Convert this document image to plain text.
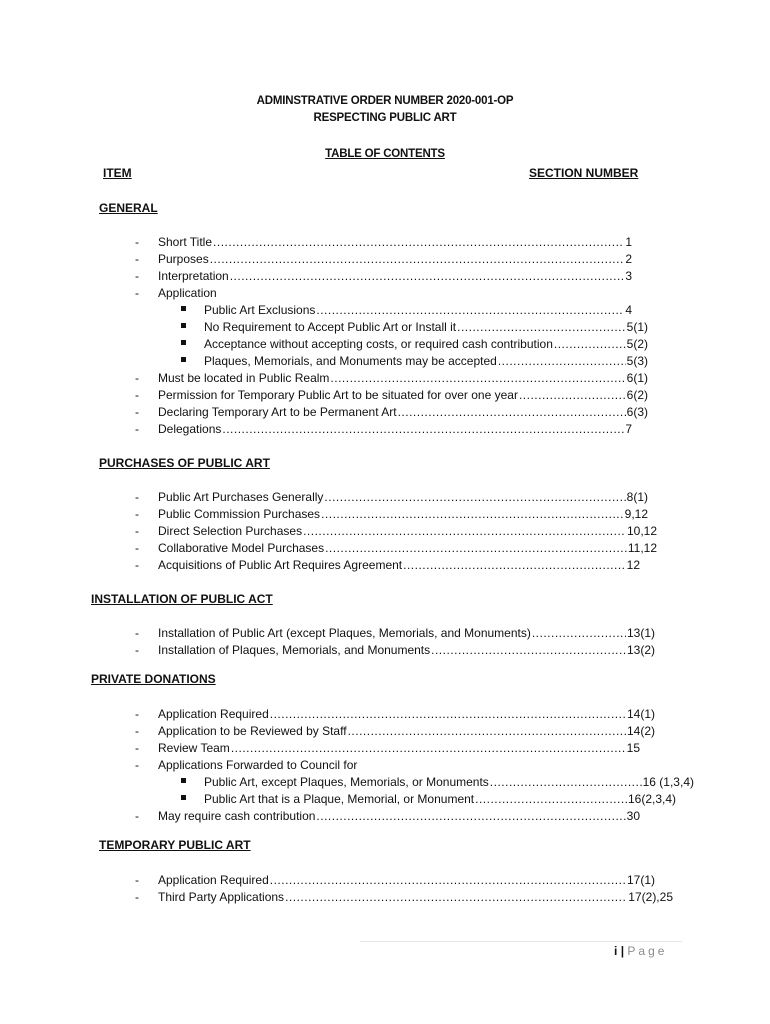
ADMINSTRATIVE ORDER NUMBER 2020-001-OP
RESPECTING PUBLIC ART
TABLE OF CONTENTS
ITEM	SECTION NUMBER
GENERAL
- Short Title .....	1
- Purposes .....	2
- Interpretation .....	3
- Application
Public Art Exclusions .....	4
No Requirement to Accept Public Art or Install it .....	5(1)
Acceptance without accepting costs, or required cash contribution .....	5(2)
Plaques, Memorials, and Monuments may be accepted .....	5(3)
- Must be located in Public Realm .....	6(1)
- Permission for Temporary Public Art to be situated for over one year .....	6(2)
- Declaring Temporary Art to be Permanent Art .....	6(3)
- Delegations .....	7
PURCHASES OF PUBLIC ART
- Public Art Purchases Generally .....	8(1)
- Public Commission Purchases .....	9,12
- Direct Selection Purchases .....	10,12
- Collaborative Model Purchases .....	11,12
- Acquisitions of Public Art Requires Agreement .....	12
INSTALLATION OF PUBLIC ACT
- Installation of Public Art (except Plaques, Memorials, and Monuments) .....	13(1)
- Installation of Plaques, Memorials, and Monuments .....	13(2)
PRIVATE DONATIONS
- Application Required .....	14(1)
- Application to be Reviewed by Staff .....	14(2)
- Review Team .....	15
- Applications Forwarded to Council for
Public Art, except Plaques, Memorials, or Monuments .....	16 (1,3,4)
Public Art that is a Plaque, Memorial, or Monument .....	16(2,3,4)
- May require cash contribution .....	30
TEMPORARY PUBLIC ART
- Application Required .....	17(1)
- Third Party Applications .....	17(2),25
i | Page
